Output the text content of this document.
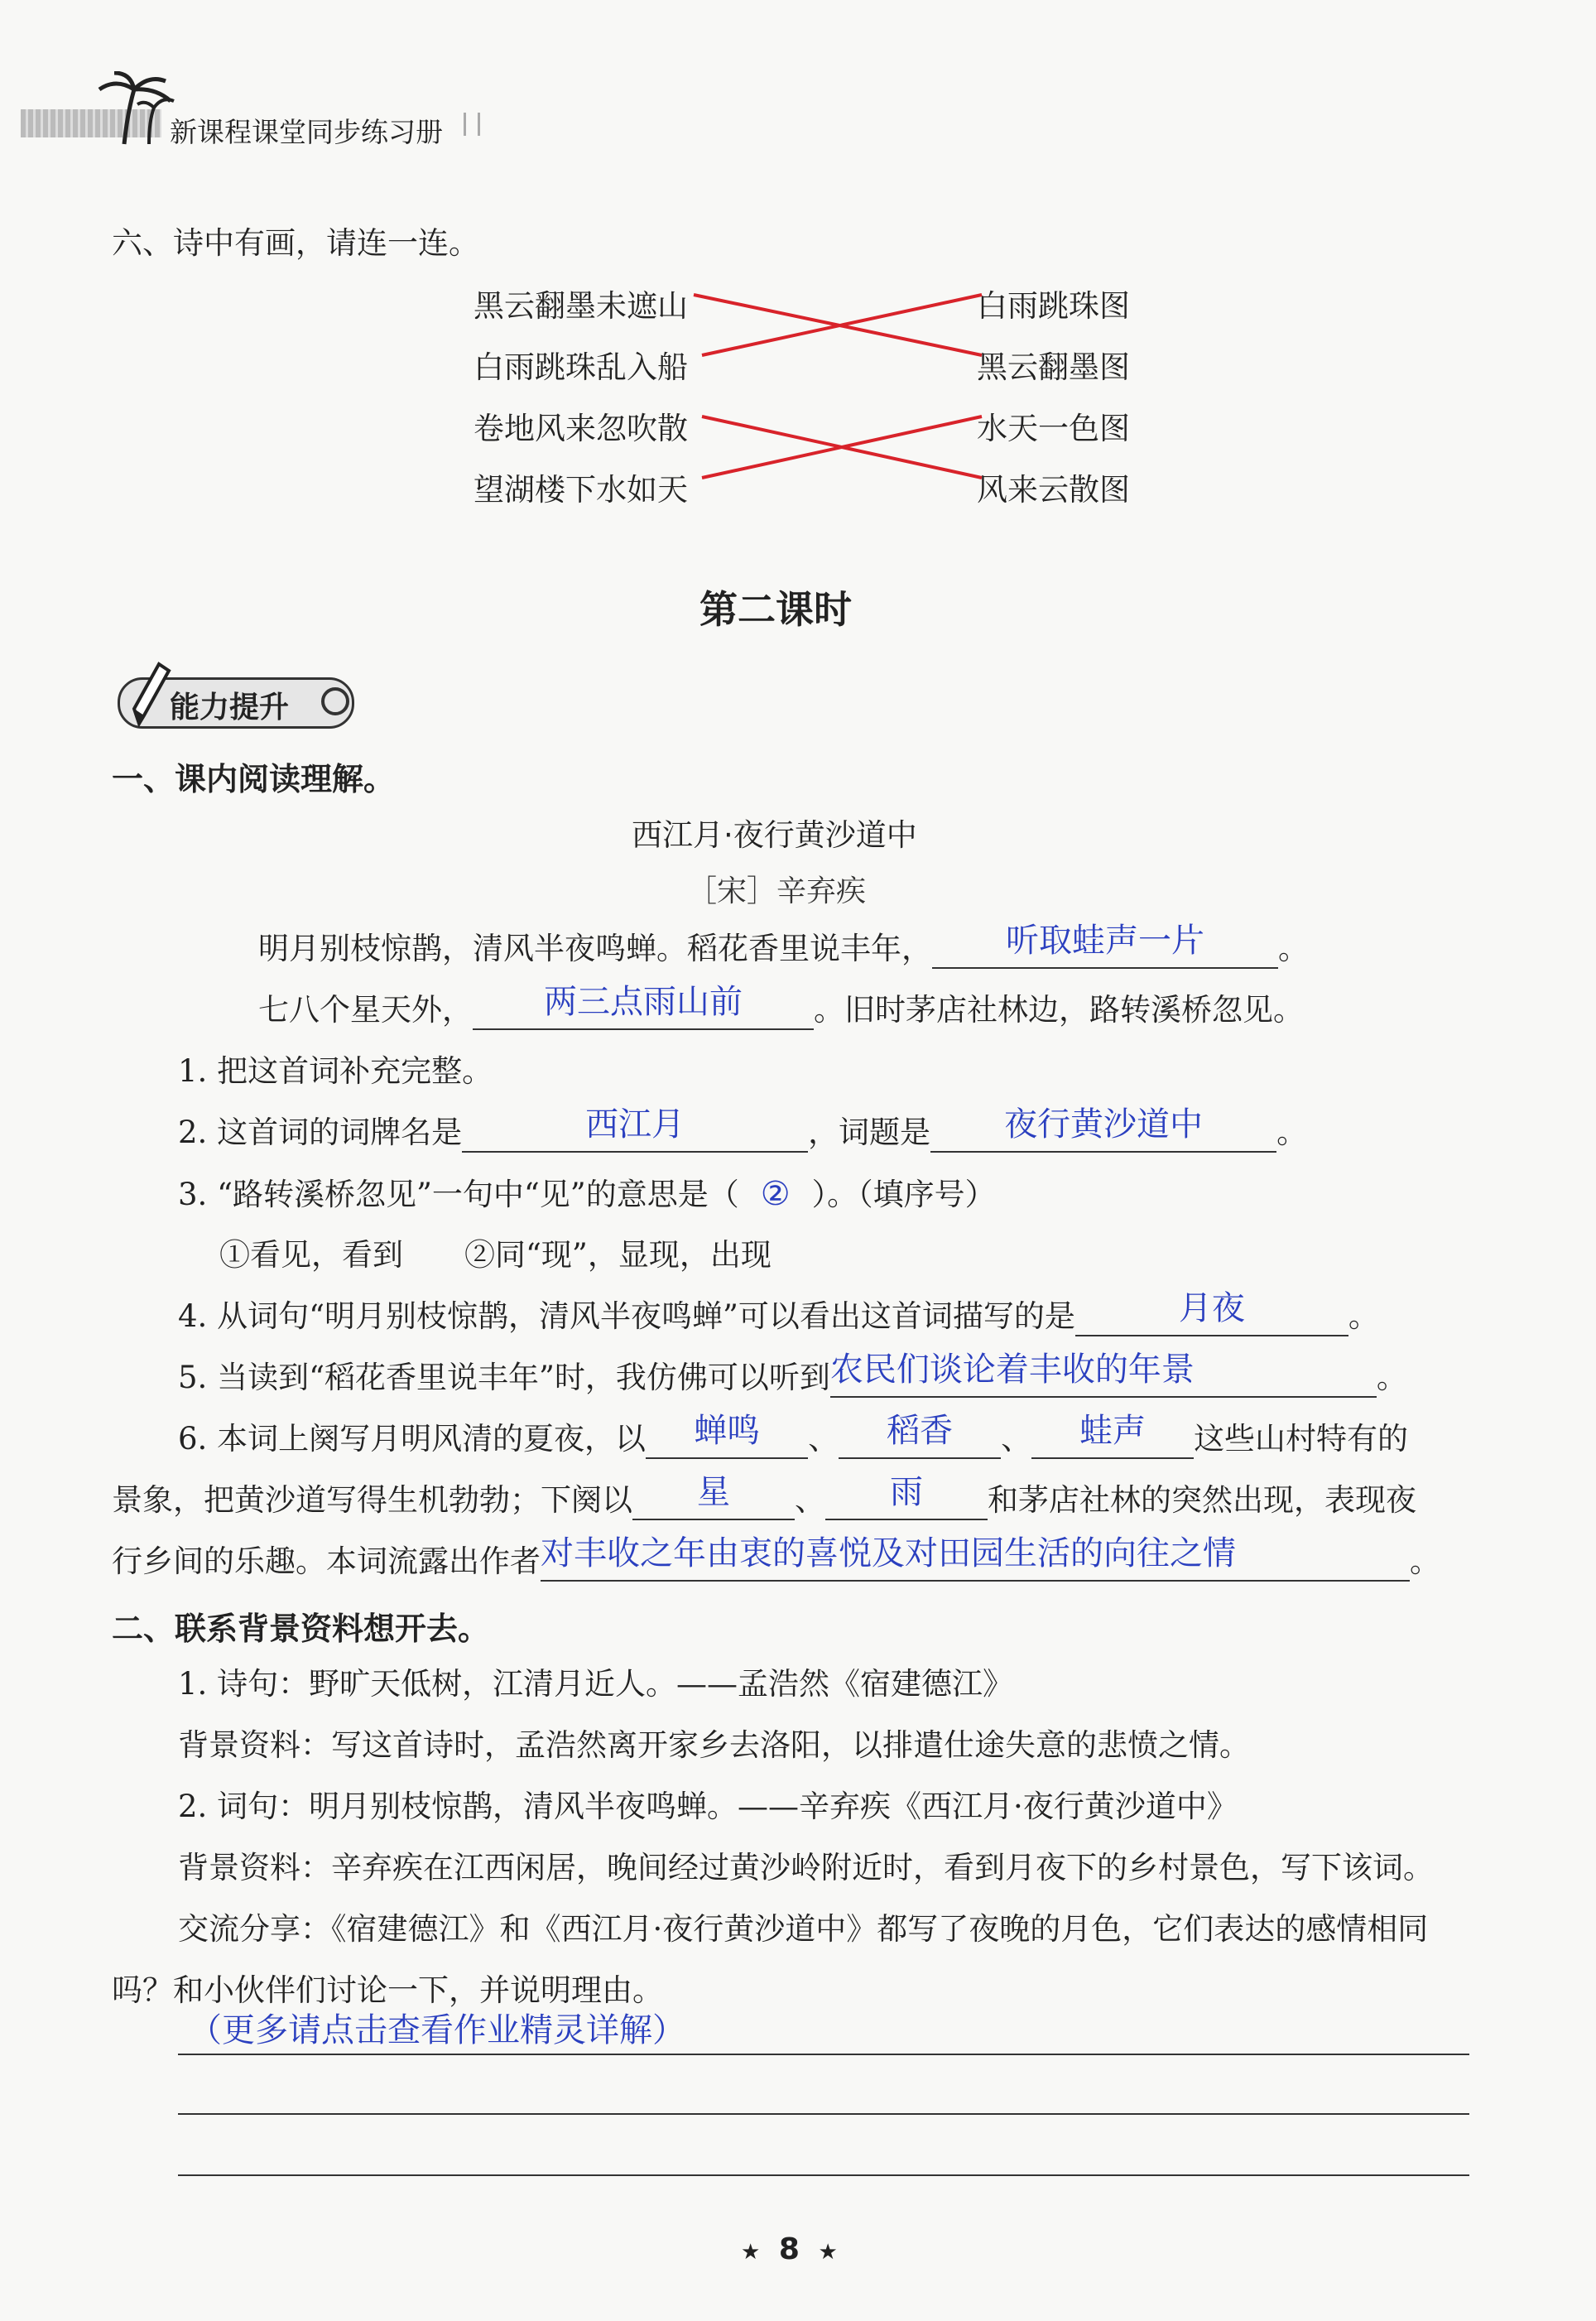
新课程课堂同步练习册
六、诗中有画，请连一连。
黑云翻墨未遮山
白雨跳珠乱入船
卷地风来忽吹散
望湖楼下水如天
白雨跳珠图
黑云翻墨图
水天一色图
风来云散图
第二课时
能力提升
一、课内阅读理解。
西江月·夜行黄沙道中
［宋］辛弃疾
明月别枝惊鹊，清风半夜鸣蝉。稻花香里说丰年，	听取蛙声一片	。
七八个星天外，	两三点雨山前	。旧时茅店社林边，路转溪桥忽见。
1. 把这首词补充完整。
2. 这首词的词牌名是	西江月	，词题是	夜行黄沙道中	。
3. “路转溪桥忽见”一句中“见”的意思是（ ② ）。（填序号）
①看见，看到　　②同“现”，显现，出现
4. 从词句“明月别枝惊鹊，清风半夜鸣蝉”可以看出这首词描写的是	月夜	。
5. 当读到“稻花香里说丰年”时，我仿佛可以听到 农民们谈论着丰收的年景	。
6. 本词上阕写月明风清的夏夜，以	蝉鸣	、	稻香	、	蛙声	这些山村特有的
景象，把黄沙道写得生机勃勃；下阕以	星	、	雨	和茅店社林的突然出现，表现夜
行乡间的乐趣。本词流露出作者 对丰收之年由衷的喜悦及对田园生活的向往之情	。
二、联系背景资料想开去。
1. 诗句：野旷天低树，江清月近人。——孟浩然《宿建德江》
背景资料：写这首诗时，孟浩然离开家乡去洛阳，以排遣仕途失意的悲愤之情。
2. 词句：明月别枝惊鹊，清风半夜鸣蝉。——辛弃疾《西江月·夜行黄沙道中》
背景资料：辛弃疾在江西闲居，晚间经过黄沙岭附近时，看到月夜下的乡村景色，写下该词。
交流分享：《宿建德江》和《西江月·夜行黄沙道中》都写了夜晚的月色，它们表达的感情相同
吗？和小伙伴们讨论一下，并说明理由。
（更多请点击查看作业精灵详解）
★ 8 ★
